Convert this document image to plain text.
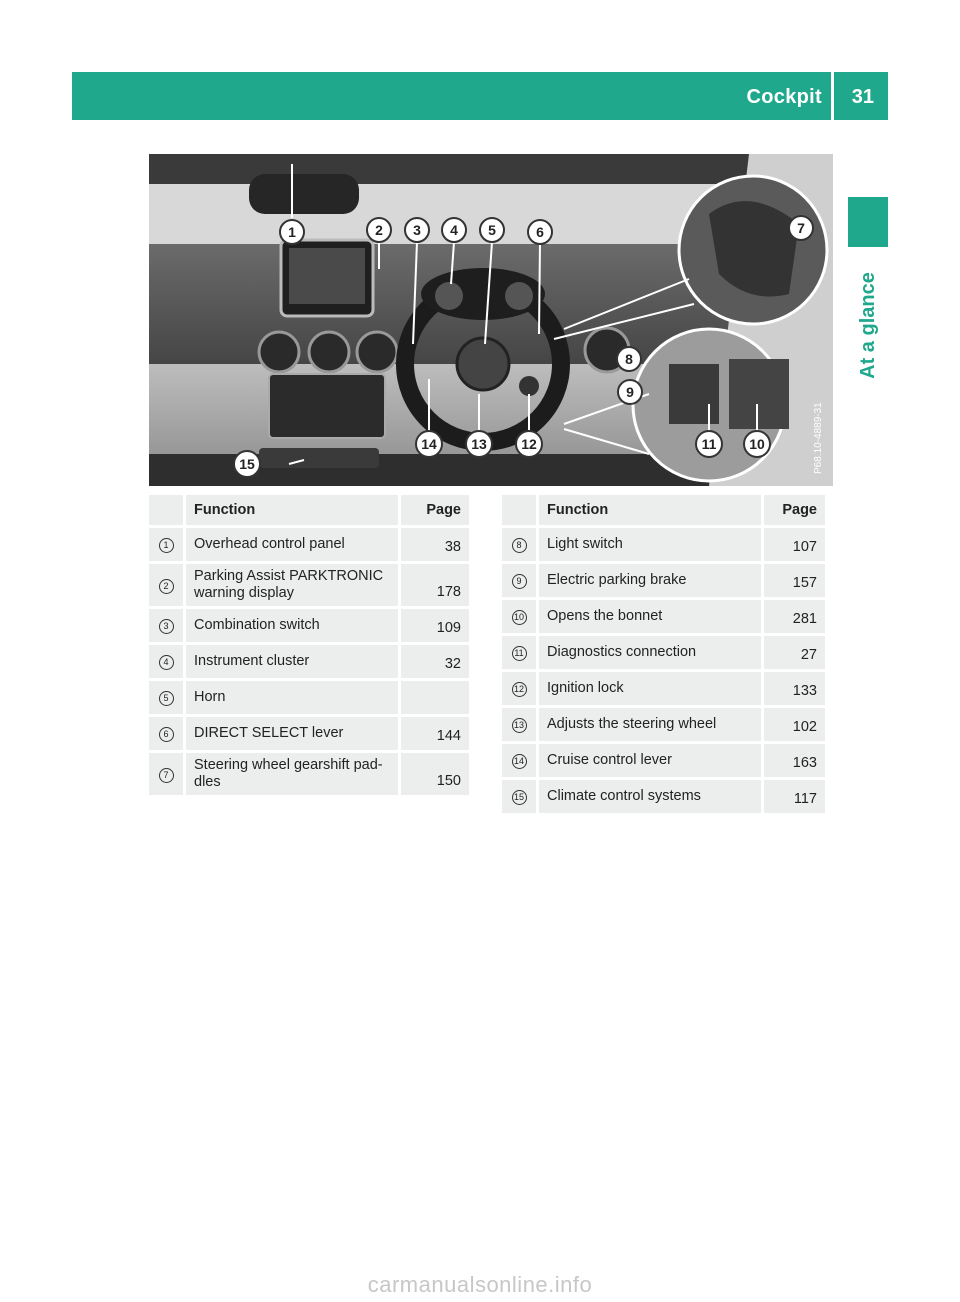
Cockpit 31
At a glance
1	2 3 4 5	6	7
8
9
10
11
12
13
14
15	P68.10-4889-31
	Function	Page
1	Overhead control panel	38
2	Parking Assist PARKTRONIC warning display	178
3	Combination switch	109
4	Instrument cluster	32
5	Horn	
6	DIRECT SELECT lever	144
7	Steering wheel gearshift pad- dles	150
	Function	Page
8	Light switch	107
9	Electric parking brake	157
10	Opens the bonnet	281
11	Diagnostics connection	27
12	Ignition lock	133
13	Adjusts the steering wheel	102
14	Cruise control lever	163
15	Climate control systems	117
carmanualsonline.info
